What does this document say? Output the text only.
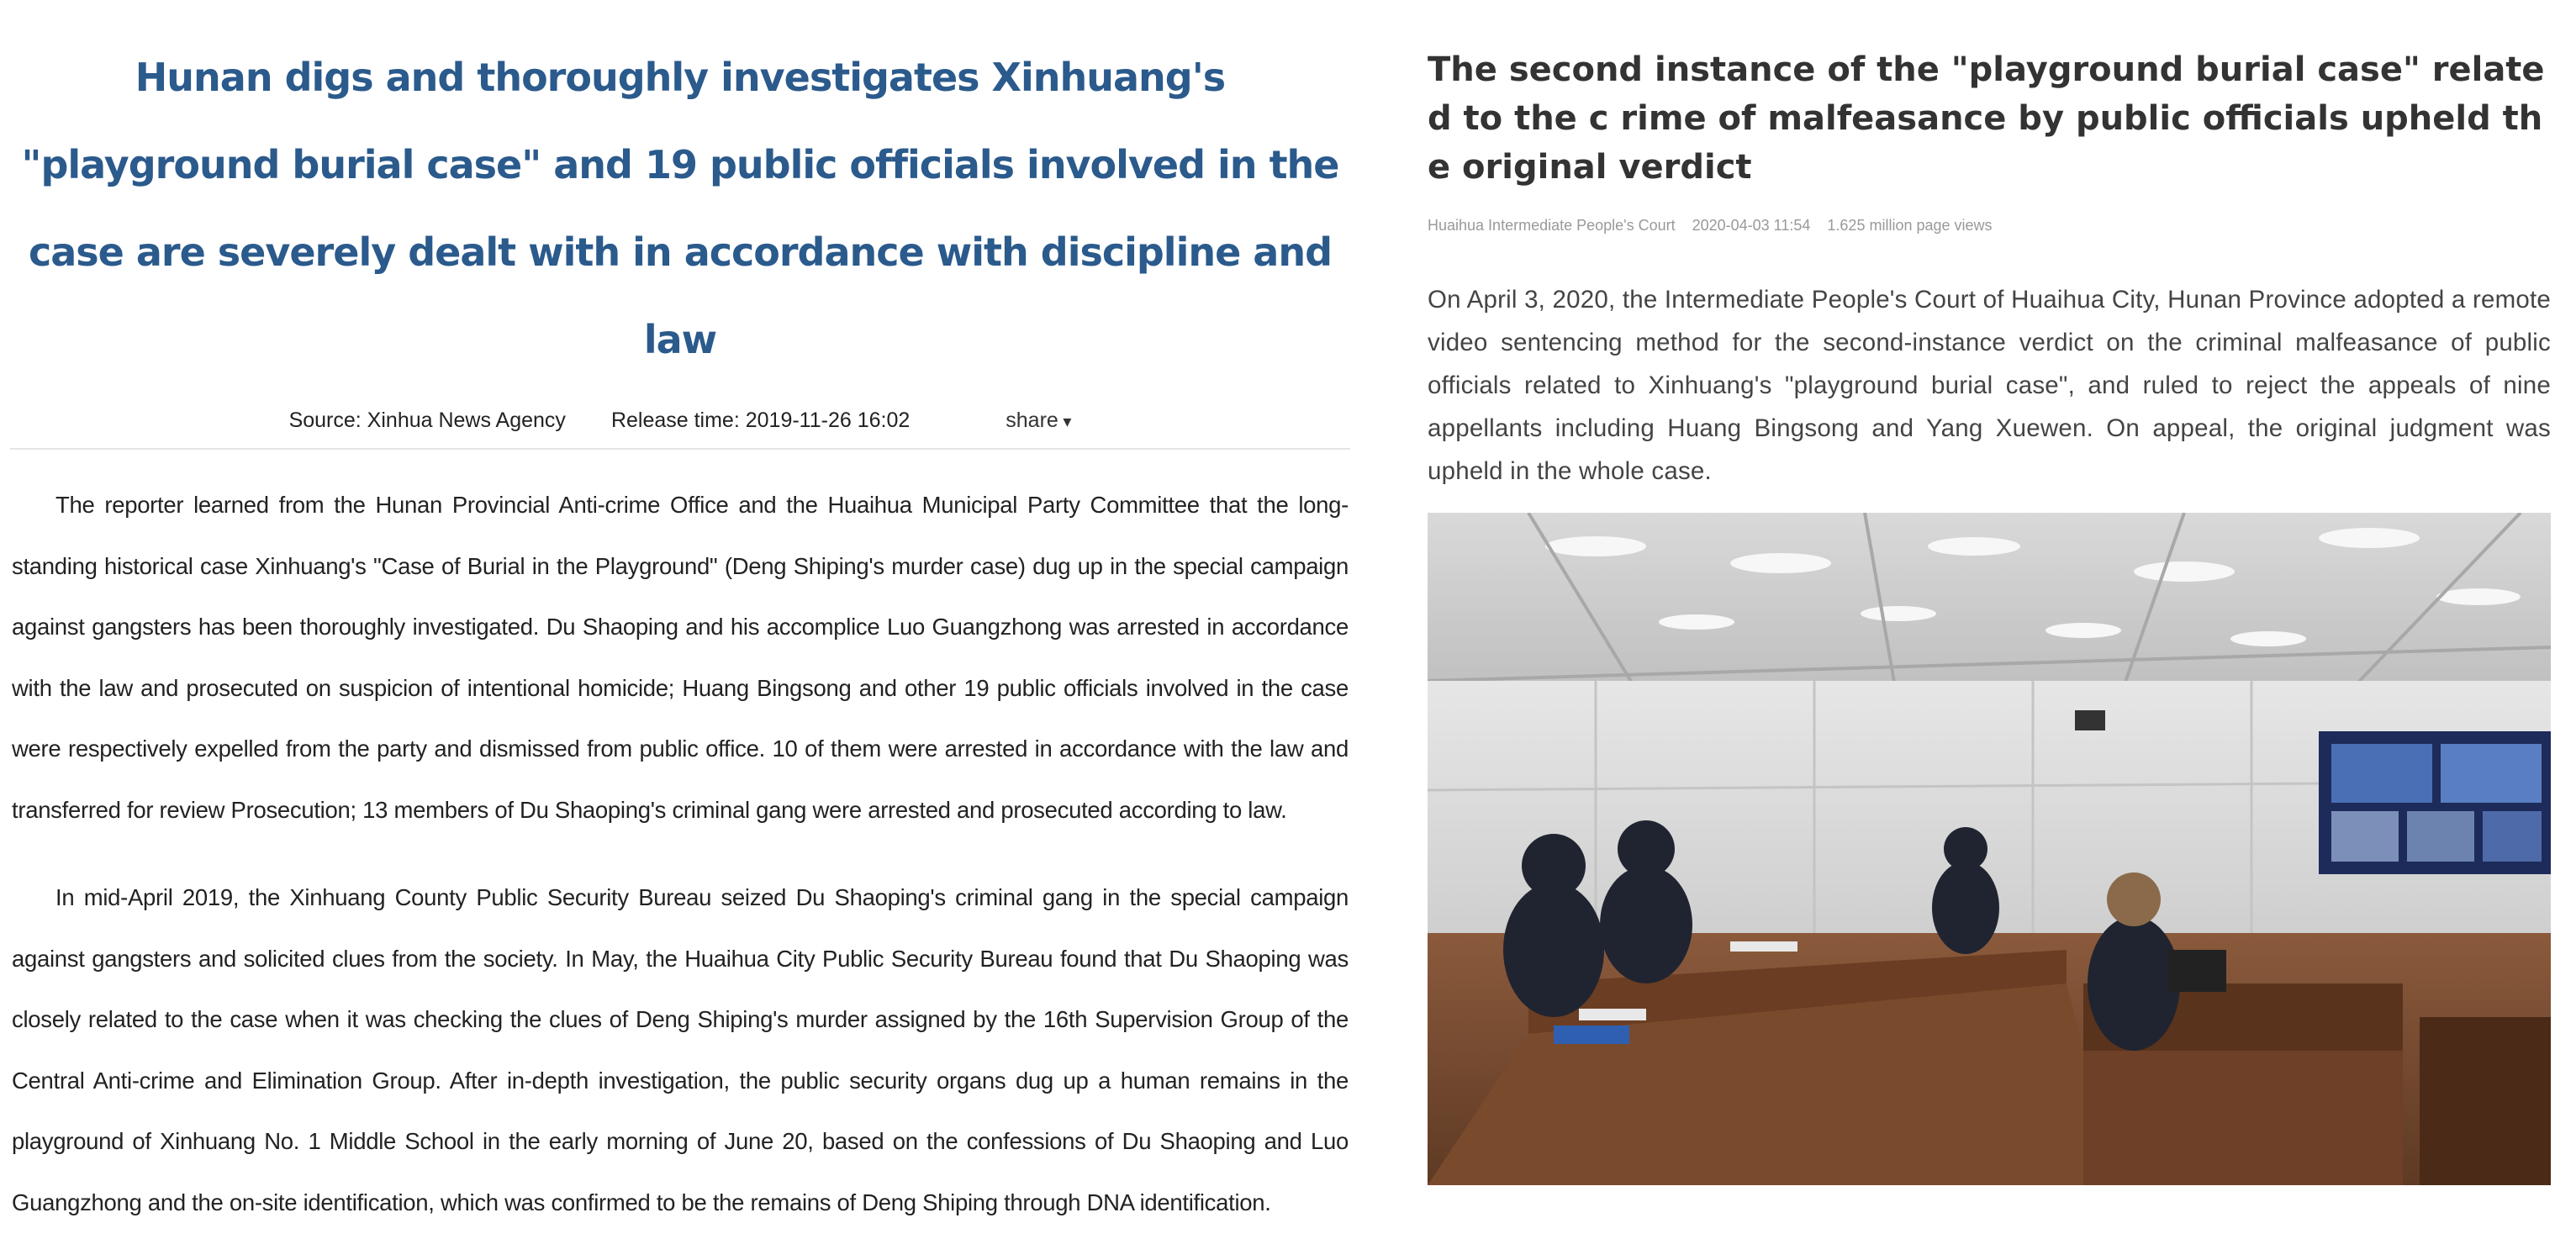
Hunan digs and thoroughly investigates Xinhuang's "playground burial case" and 19 public officials involved in the case are severely dealt with in accordance with discipline and law
Source: Xinhua News Agency Release time: 2019-11-26 16:02	share ▾

The reporter learned from the Hunan Provincial Anti-crime Office and the Huaihua Municipal Party Committee that the long-standing historical case Xinhuang's "Case of Burial in the Playground" (Deng Shiping's murder case) dug up in the special campaign against gangsters has been thoroughly investigated. Du Shaoping and his accomplice Luo Guangzhong was arrested in accordance with the law and prosecuted on suspicion of intentional homicide; Huang Bingsong and other 19 public officials involved in the case were respectively expelled from the party and dismissed from public office. 10 of them were arrested in accordance with the law and transferred for review Prosecution; 13 members of Du Shaoping's criminal gang were arrested and prosecuted according to law.

In mid-April 2019, the Xinhuang County Public Security Bureau seized Du Shaoping's criminal gang in the special campaign against gangsters and solicited clues from the society. In May, the Huaihua City Public Security Bureau found that Du Shaoping was closely related to the case when it was checking the clues of Deng Shiping's murder assigned by the 16th Supervision Group of the Central Anti-crime and Elimination Group. After in-depth investigation, the public security organs dug up a human remains in the playground of Xinhuang No. 1 Middle School in the early morning of June 20, based on the confessions of Du Shaoping and Luo Guangzhong and the on-site identification, which was confirmed to be the remains of Deng Shiping through DNA identification.

The second instance of the "playground burial case" related to the c rime of malfeasance by public officials upheld the original verdict
Huaihua Intermediate People's Court 2020-04-03 11:54 1.625 million page views

On April 3, 2020, the Intermediate People's Court of Huaihua City, Hunan Province adopted a remote video sentencing method for the second-instance verdict on the criminal malfeasance of public officials related to Xinhuang's "playground burial case", and ruled to reject the appeals of nine appellants including Huang Bingsong and Yang Xuewen. On appeal, the original judgment was upheld in the whole case.
